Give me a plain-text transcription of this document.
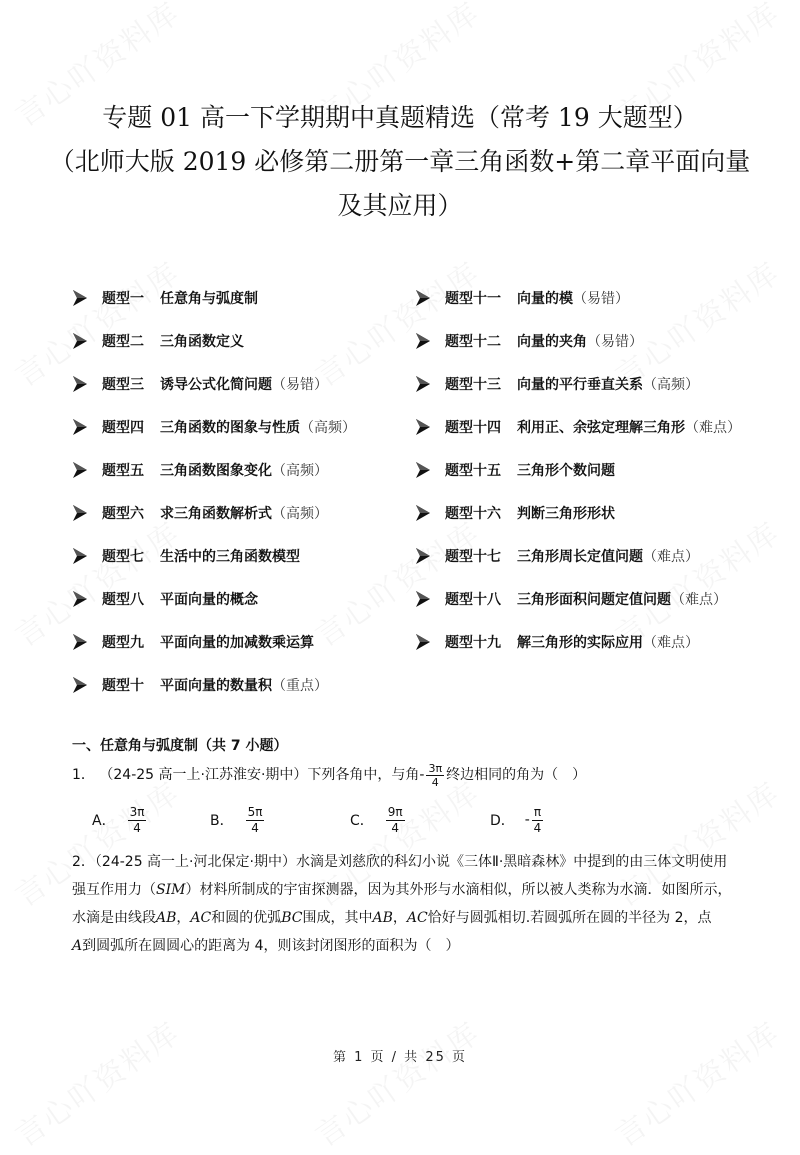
专题 01 高一下学期期中真题精选（常考 19 大题型）
（北师大版 2019 必修第二册第一章三角函数+第二章平面向量
及其应用）
题型一	任意角与弧度制
题型二	三角函数定义
题型三	诱导公式化简问题 （易错）
题型四	三角函数的图象与性质 （高频）
题型五	三角函数图象变化 （高频）
题型六	求三角函数解析式 （高频）
题型七	生活中的三角函数模型
题型八	平面向量的概念
题型九	平面向量的加减数乘运算
题型十	平面向量的数量积 （重点）
题型十一	向量的模 （易错）
题型十二	向量的夹角 （易错）
题型十三	向量的平行垂直关系 （高频）
题型十四	利用正、余弦定理解三角形 （难点）
题型十五	三角形个数问题
题型十六	判断三角形形状
题型十七	三角形周长定值问题 （难点）
题型十八	三角形面积问题定值问题 （难点）
题型十九	解三角形的实际应用 （难点）
一、任意角与弧度制（共 7 小题）
1． （24-25 高一上·江苏淮安·期中）下列各角中，与角- $\frac{3\pi}{4}$ 终边相同的角为（　）
A． $\frac{3\pi}{4}$	B． $\frac{5\pi}{4}$	C． $\frac{9\pi}{4}$	D． - $\frac{\pi}{4}$

2．（24-25 高一上·河北保定·期中）水滴是刘慈欣的科幻小说《三体Ⅱ·黑暗森林》中提到的由三体文明使用

强互作用力（SIM）材料所制成的宇宙探测器，因为其外形与水滴相似，所以被人类称为水滴．如图所示，

水滴是由线段AB，AC和圆的优弧BC围成，其中AB，AC恰好与圆弧相切.若圆弧所在圆的半径为 2，点

A到圆弧所在圆圆心的距离为 4，则该封闭图形的面积为（　）

第 1 页 / 共 25 页
